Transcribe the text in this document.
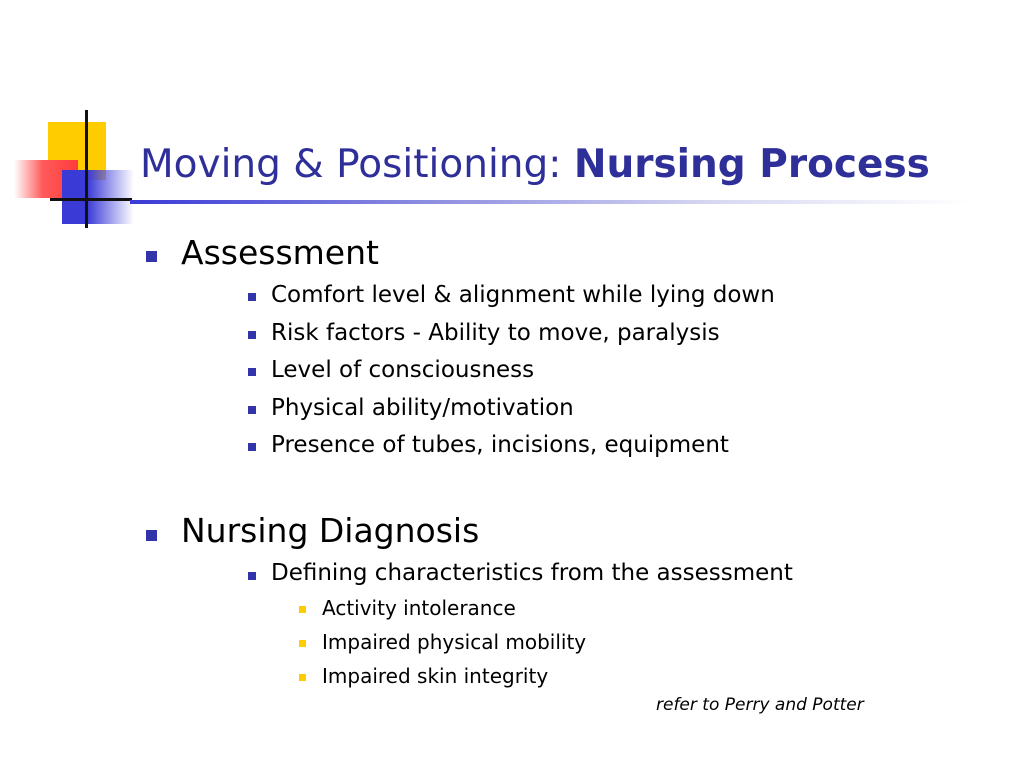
Moving & Positioning: Nursing Process
Assessment
Comfort level & alignment while lying down
Risk factors - Ability to move, paralysis
Level of consciousness
Physical ability/motivation
Presence of tubes, incisions, equipment
Nursing Diagnosis
Defining characteristics from the assessment
Activity intolerance
Impaired physical mobility
Impaired skin integrity
refer to Perry and Potter
